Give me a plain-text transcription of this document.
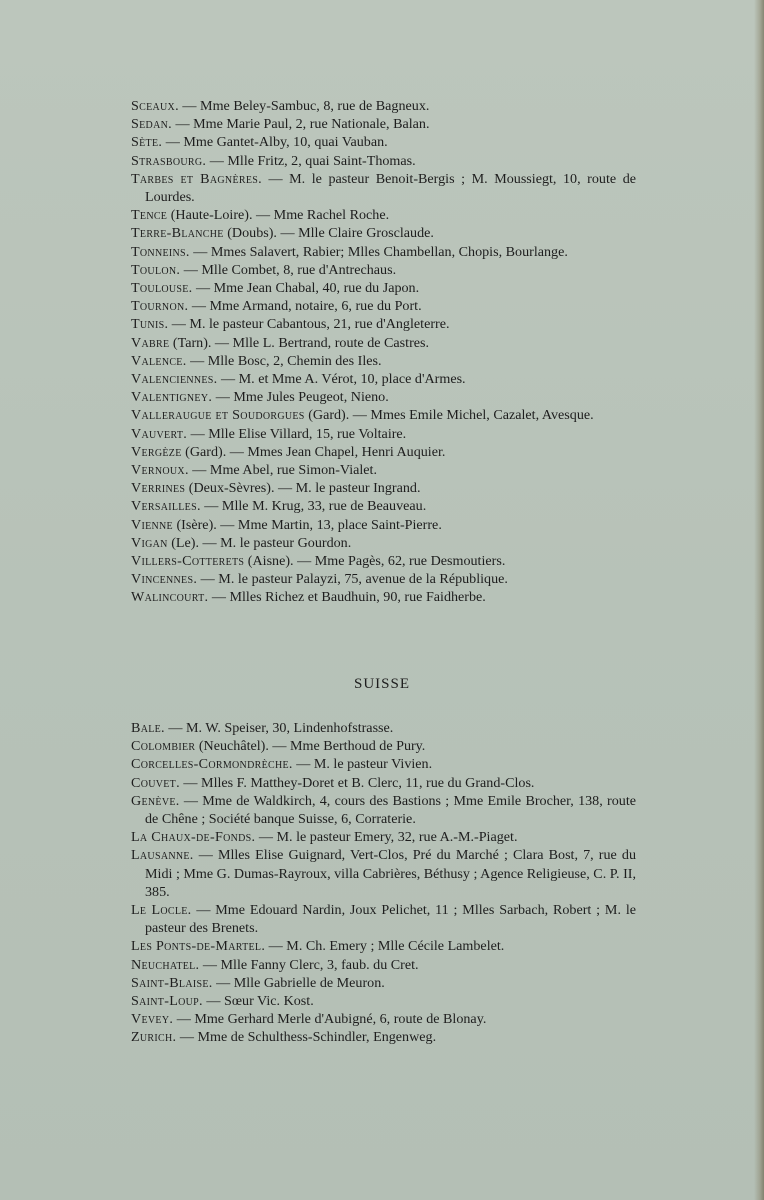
Sceaux. — Mme Beley-Sambuc, 8, rue de Bagneux.
Sedan. — Mme Marie Paul, 2, rue Nationale, Balan.
Sète. — Mme Gantet-Alby, 10, quai Vauban.
Strasbourg. — Mlle Fritz, 2, quai Saint-Thomas.
Tarbes et Bagnères. — M. le pasteur Benoit-Bergis ; M. Moussiegt, 10, route de Lourdes.
Tence (Haute-Loire). — Mme Rachel Roche.
Terre-Blanche (Doubs). — Mlle Claire Grosclaude.
Tonneins. — Mmes Salavert, Rabier; Mlles Chambellan, Chopis, Bourlange.
Toulon. — Mlle Combet, 8, rue d'Antrechaus.
Toulouse. — Mme Jean Chabal, 40, rue du Japon.
Tournon. — Mme Armand, notaire, 6, rue du Port.
Tunis. — M. le pasteur Cabantous, 21, rue d'Angleterre.
Vabre (Tarn). — Mlle L. Bertrand, route de Castres.
Valence. — Mlle Bosc, 2, Chemin des Iles.
Valenciennes. — M. et Mme A. Vérot, 10, place d'Armes.
Valentigney. — Mme Jules Peugeot, Nieno.
Valleraugue et Soudorgues (Gard). — Mmes Emile Michel, Cazalet, Avesque.
Vauvert. — Mlle Elise Villard, 15, rue Voltaire.
Vergèze (Gard). — Mmes Jean Chapel, Henri Auquier.
Vernoux. — Mme Abel, rue Simon-Vialet.
Verrines (Deux-Sèvres). — M. le pasteur Ingrand.
Versailles. — Mlle M. Krug, 33, rue de Beauveau.
Vienne (Isère). — Mme Martin, 13, place Saint-Pierre.
Vigan (Le). — M. le pasteur Gourdon.
Villers-Cotterets (Aisne). — Mme Pagès, 62, rue Desmoutiers.
Vincennes. — M. le pasteur Palayzi, 75, avenue de la République.
Walincourt. — Mlles Richez et Baudhuin, 90, rue Faidherbe.
SUISSE
Bale. — M. W. Speiser, 30, Lindenhofstrasse.
Colombier (Neuchâtel). — Mme Berthoud de Pury.
Corcelles-Cormondrèche. — M. le pasteur Vivien.
Couvet. — Mlles F. Matthey-Doret et B. Clerc, 11, rue du Grand-Clos.
Genève. — Mme de Waldkirch, 4, cours des Bastions ; Mme Emile Brocher, 138, route de Chêne ; Société banque Suisse, 6, Corraterie.
La Chaux-de-Fonds. — M. le pasteur Emery, 32, rue A.-M.-Piaget.
Lausanne. — Mlles Elise Guignard, Vert-Clos, Pré du Marché ; Clara Bost, 7, rue du Midi ; Mme G. Dumas-Rayroux, villa Cabrières, Béthusy ; Agence Religieuse, C. P. II, 385.
Le Locle. — Mme Edouard Nardin, Joux Pelichet, 11 ; Mlles Sarbach, Robert ; M. le pasteur des Brenets.
Les Ponts-de-Martel. — M. Ch. Emery ; Mlle Cécile Lambelet.
Neuchatel. — Mlle Fanny Clerc, 3, faub. du Cret.
Saint-Blaise. — Mlle Gabrielle de Meuron.
Saint-Loup. — Sœur Vic. Kost.
Vevey. — Mme Gerhard Merle d'Aubigné, 6, route de Blonay.
Zurich. — Mme de Schulthess-Schindler, Engenweg.
